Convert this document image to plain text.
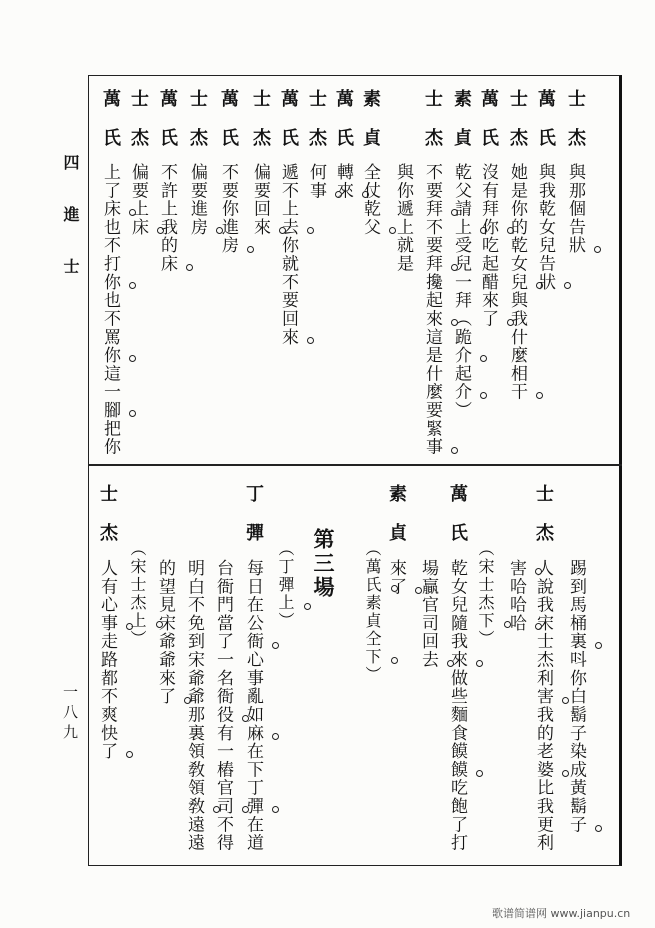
四進士
一八九
士杰
與那個告狀
萬氏
與我乾女兒告狀
士杰
她是你的乾女兒與我什麼相干
萬氏
沒有拜你吃起醋來了
素貞
乾父請上受兒一拜（跪介起介）
士杰
不要拜不要拜攙起來這是什麼要緊事
與你遞上就是
素貞
全仗乾父
萬氏
轉來
士杰
何事
萬氏
遞不上去你就不要回來
士杰
偏要回來
萬氏
不要你進房
士杰
偏要進房
萬氏
不許上我的床
士杰
偏要上床
萬氏
上了床也不打你也不罵你這一腳把你
踢到馬桶裏呌你白鬍子染成黃鬍子
士杰
人說我宋士杰利害我的老婆比我更利
害哈哈哈
（宋士杰下）
萬氏
乾女兒隨我來做些麵食饃饃吃飽了打
場贏官司回去
素貞
來了
（萬氏素貞仝下）
第三場
（丁彈上）
丁彈
每日在公衙心事亂如麻在下丁彈在道
台衙門當了一名衙役有一樁官司不得
明白不免到宋爺爺那裏領敎領敎遠遠
的望見宋爺爺來了
（宋士杰上）
士杰
人有心事走路都不爽快了
歌谱简谱网 www.jianpu.cn
